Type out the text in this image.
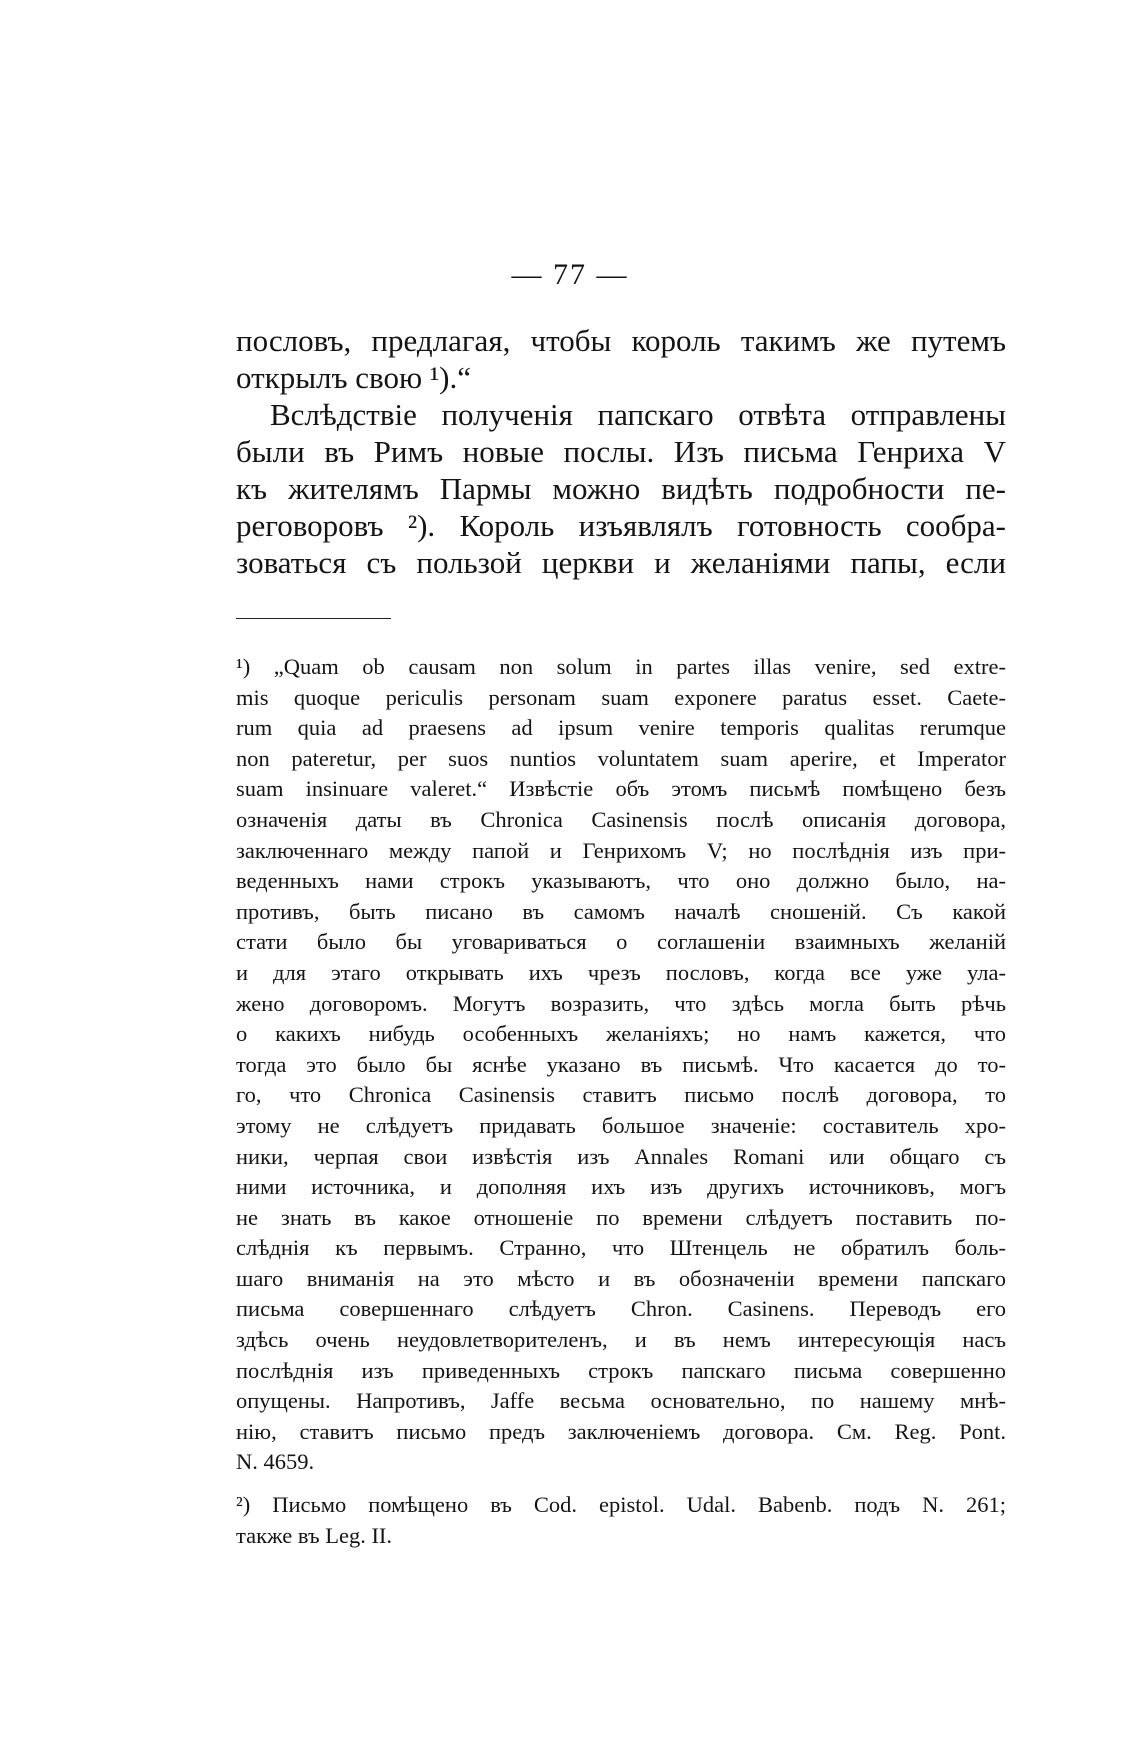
— 77 —
пословъ, предлагая, чтобы король такимъ же путемъ
открылъ свою ¹).“
Вслѣдствіе полученія папскаго отвѣта отправлены
были въ Римъ новые послы. Изъ письма Генриха V
къ жителямъ Пармы можно видѣть подробности пе-
реговоровъ ²). Король изъявлялъ готовность сообра-
зоваться съ пользой церкви и желаніями папы, если
¹) „Quam ob causam non solum in partes illas venire, sed extre-
mis quoque periculis personam suam exponere paratus esset. Caete-
rum quia ad praesens ad ipsum venire temporis qualitas rerumque
non pateretur, per suos nuntios voluntatem suam aperire, et Imperator
suam insinuare valeret.“ Извѣстіе объ этомъ письмѣ помѣщено безъ
означенія даты въ Chronica Casinensis послѣ описанія договора,
заключеннаго между папой и Генрихомъ V; но послѣднія изъ при-
веденныхъ нами строкъ указываютъ, что оно должно было, на-
противъ, быть писано въ самомъ началѣ сношеній. Съ какой
стати было бы уговариваться о соглашеніи взаимныхъ желаній
и для этаго открывать ихъ чрезъ пословъ, когда все уже ула-
жено договоромъ. Могутъ возразить, что здѣсь могла быть рѣчь
о какихъ нибудь особенныхъ желаніяхъ; но намъ кажется, что
тогда это было бы яснѣе указано въ письмѣ. Что касается до то-
го, что Chronica Casinensis ставитъ письмо послѣ договора, то
этому не слѣдуетъ придавать большое значеніе: составитель хро-
ники, черпая свои извѣстія изъ Annales Romani или общаго съ
ними источника, и дополняя ихъ изъ другихъ источниковъ, могъ
не знать въ какое отношеніе по времени слѣдуетъ поставить по-
слѣднія къ первымъ. Странно, что Штенцель не обратилъ боль-
шаго вниманія на это мѣсто и въ обозначеніи времени папскаго
письма совершеннаго слѣдуетъ Chron. Casinens. Переводъ его
здѣсь очень неудовлетворителенъ, и въ немъ интересующія насъ
послѣднія изъ приведенныхъ строкъ папскаго письма совершенно
опущены. Напротивъ, Jaffe весьма основательно, по нашему мнѣ-
нію, ставитъ письмо предъ заключеніемъ договора. См. Reg. Pont.
N. 4659.
²) Письмо помѣщено въ Cod. epistol. Udal. Babenb. подъ N. 261;
также въ Leg. II.
